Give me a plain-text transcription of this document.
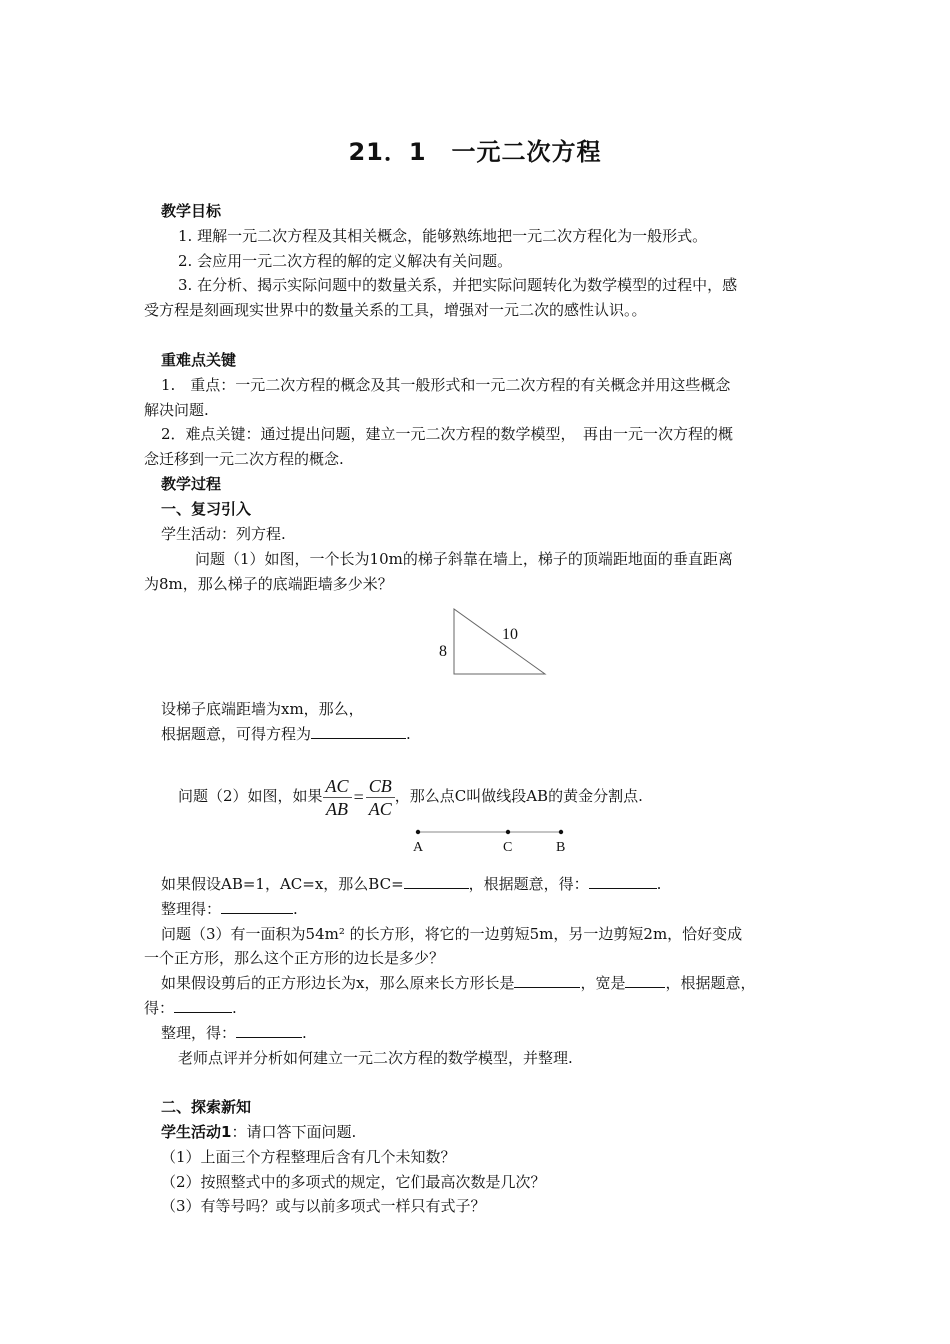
21．1　一元二次方程
教学目标
1. 理解一元二次方程及其相关概念，能够熟练地把一元二次方程化为一般形式。
2. 会应用一元二次方程的解的定义解决有关问题。
3. 在分析、揭示实际问题中的数量关系，并把实际问题转化为数学模型的过程中，感
受方程是刻画现实世界中的数量关系的工具，增强对一元二次的感性认识。。
重难点关键
1.　重点：一元二次方程的概念及其一般形式和一元二次方程的有关概念并用这些概念
解决问题.
2．难点关键：通过提出问题，建立一元二次方程的数学模型，　再由一元一次方程的概
念迁移到一元二次方程的概念.
教学过程
一、复习引入
学生活动：列方程.
问题（1）如图，一个长为10m的梯子斜靠在墙上，梯子的顶端距地面的垂直距离
为8m，那么梯子的底端距墙多少米？
10
8
设梯子底端距墙为xm，那么，
根据题意，可得方程为	.
问题（2）如图，如果 $\frac{AC}{AB} = \frac{CB}{AC}$ ，那么点C叫做线段AB的黄金分割点.
A	C	B
如果假设AB=1，AC=x，那么BC=	，根据题意，得：	.
整理得：	.
问题（3）有一面积为54m² 的长方形，将它的一边剪短5m，另一边剪短2m，恰好变成
一个正方形，那么这个正方形的边长是多少？
如果假设剪后的正方形边长为x，那么原来长方形长是	，宽是	，根据题意，
得：	.
整理，得：	.
老师点评并分析如何建立一元二次方程的数学模型，并整理.
二、探索新知
学生活动1：请口答下面问题.
（1）上面三个方程整理后含有几个未知数？
（2）按照整式中的多项式的规定，它们最高次数是几次？
（3）有等号吗？或与以前多项式一样只有式子？
